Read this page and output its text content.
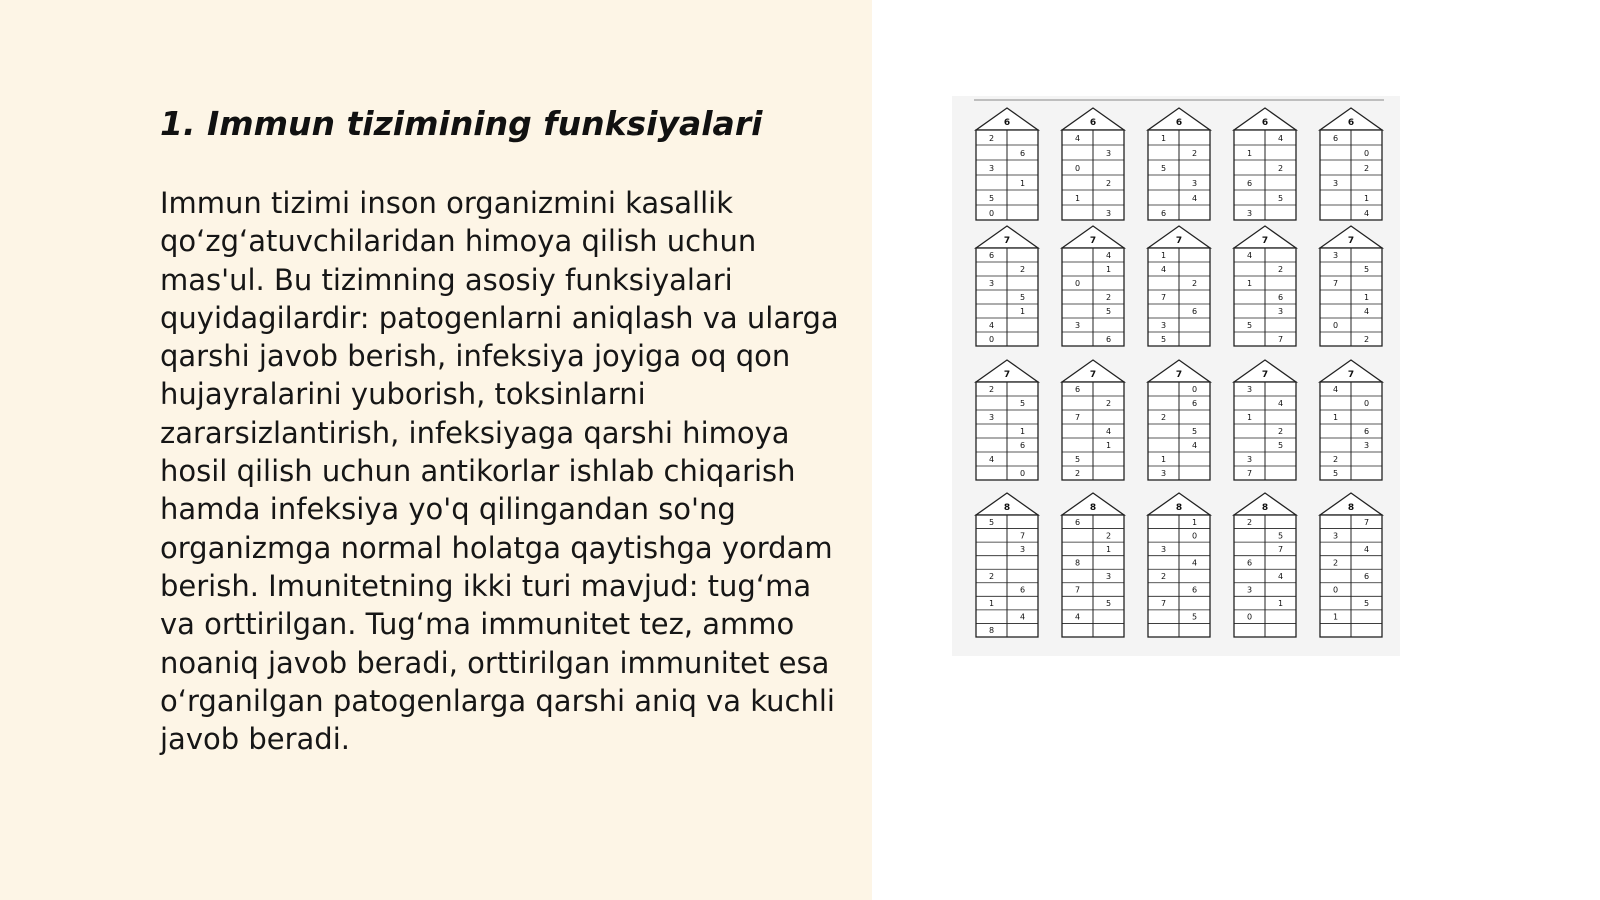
1. Immun tizimining funksiyalari

Immun tizimi inson organizmini kasallik qo‘zg‘atuvchilaridan himoya qilish uchun mas'ul. Bu tizimning asosiy funksiyalari quyidagilardir: patogenlarni aniqlash va ularga qarshi javob berish, infeksiya joyiga oq qon hujayralarini yuborish, toksinlarni zararsizlantirish, infeksiyaga qarshi himoya hosil qilish uchun antikorlar ishlab chiqarish hamda infeksiya yo'q qilingandan so'ng organizmga normal holatga qaytishga yordam berish. Imunitetning ikki turi mavjud: tug‘ma va orttirilgan. Tug‘ma immunitet tez, ammo noaniq javob beradi, orttirilgan immunitet esa o‘rganilgan patogenlarga qarshi aniq va kuchli javob beradi.

6
2
6
3
1
5
0
6
4
3
0
2
1
3
6
1
2
5
3
4
6
6
4
1
2
6
5
3
6
6
0
2
3
1
4
7
6
2
3
5
1
4
0
7
4
1
0
2
5
3
6
7
1
4
2
7
6
3
5
7
4
2
1
6
3
5
7
7
3
5
7
1
4
0
2
7
2
5
3
1
6
4
0
7
6
2
7
4
1
5
2
7
0
6
2
5
4
1
3
7
3
4
1
2
5
3
7
7
4
0
1
6
3
2
5
8
5
7
3
2
6
1
4
8
8
6
2
1
8
3
7
5
4
8
1
0
3
4
2
6
7
5
8
2
5
7
6
4
3
1
0
8
7
3
4
2
6
0
5
1
